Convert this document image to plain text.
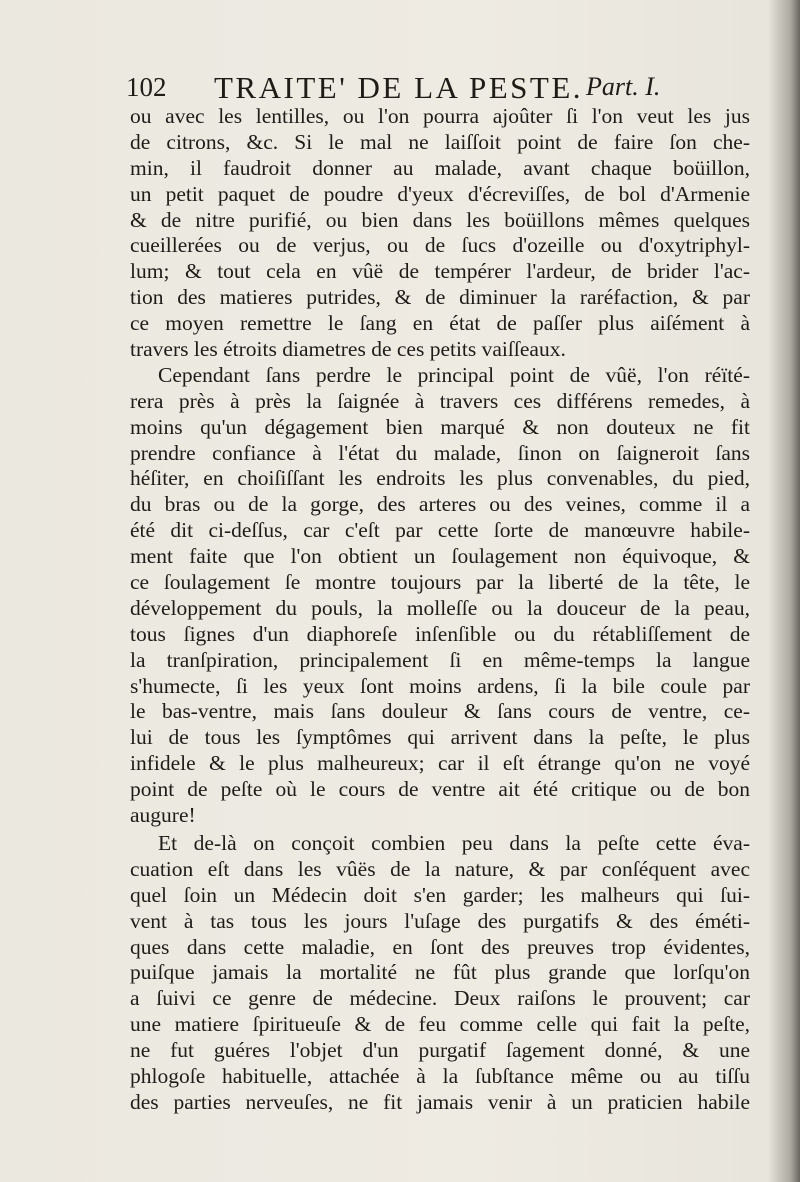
102 TRAITE' DE LA PESTE. Part. I.
ou avec les lentilles, ou l'on pourra ajoûter ſi l'on veut les jus
de citrons, &c. Si le mal ne laiſſoit point de faire ſon che-
min, il faudroit donner au malade, avant chaque boüillon,
un petit paquet de poudre d'yeux d'écreviſſes, de bol d'Armenie
& de nitre purifié, ou bien dans les boüillons mêmes quelques
cueillerées ou de verjus, ou de ſucs d'ozeille ou d'oxytriphyl-
lum; & tout cela en vûë de tempérer l'ardeur, de brider l'ac-
tion des matieres putrides, & de diminuer la raréfaction, & par
ce moyen remettre le ſang en état de paſſer plus aiſément à
travers les étroits diametres de ces petits vaiſſeaux.
Cependant ſans perdre le principal point de vûë, l'on réïté-
rera près à près la ſaignée à travers ces différens remedes, à
moins qu'un dégagement bien marqué & non douteux ne fit
prendre confiance à l'état du malade, ſinon on ſaigneroit ſans
héſiter, en choiſiſſant les endroits les plus convenables, du pied,
du bras ou de la gorge, des arteres ou des veines, comme il a
été dit ci-deſſus, car c'eſt par cette ſorte de manœuvre habile-
ment faite que l'on obtient un ſoulagement non équivoque, &
ce ſoulagement ſe montre toujours par la liberté de la tête, le
développement du pouls, la molleſſe ou la douceur de la peau,
tous ſignes d'un diaphoreſe inſenſible ou du rétabliſſement de
la tranſpiration, principalement ſi en même-temps la langue
s'humecte, ſi les yeux ſont moins ardens, ſi la bile coule par
le bas-ventre, mais ſans douleur & ſans cours de ventre, ce-
lui de tous les ſymptômes qui arrivent dans la peſte, le plus
infidele & le plus malheureux; car il eſt étrange qu'on ne voyé
point de peſte où le cours de ventre ait été critique ou de bon
augure!
Et de-là on conçoit combien peu dans la peſte cette éva-
cuation eſt dans les vûës de la nature, & par conſéquent avec
quel ſoin un Médecin doit s'en garder; les malheurs qui ſui-
vent à tas tous les jours l'uſage des purgatifs & des éméti-
ques dans cette maladie, en ſont des preuves trop évidentes,
puiſque jamais la mortalité ne fût plus grande que lorſqu'on
a ſuivi ce genre de médecine. Deux raiſons le prouvent; car
une matiere ſpiritueuſe & de feu comme celle qui fait la peſte,
ne fut guéres l'objet d'un purgatif ſagement donné, & une
phlogoſe habituelle, attachée à la ſubſtance même ou au tiſſu
des parties nerveuſes, ne fit jamais venir à un praticien habile
